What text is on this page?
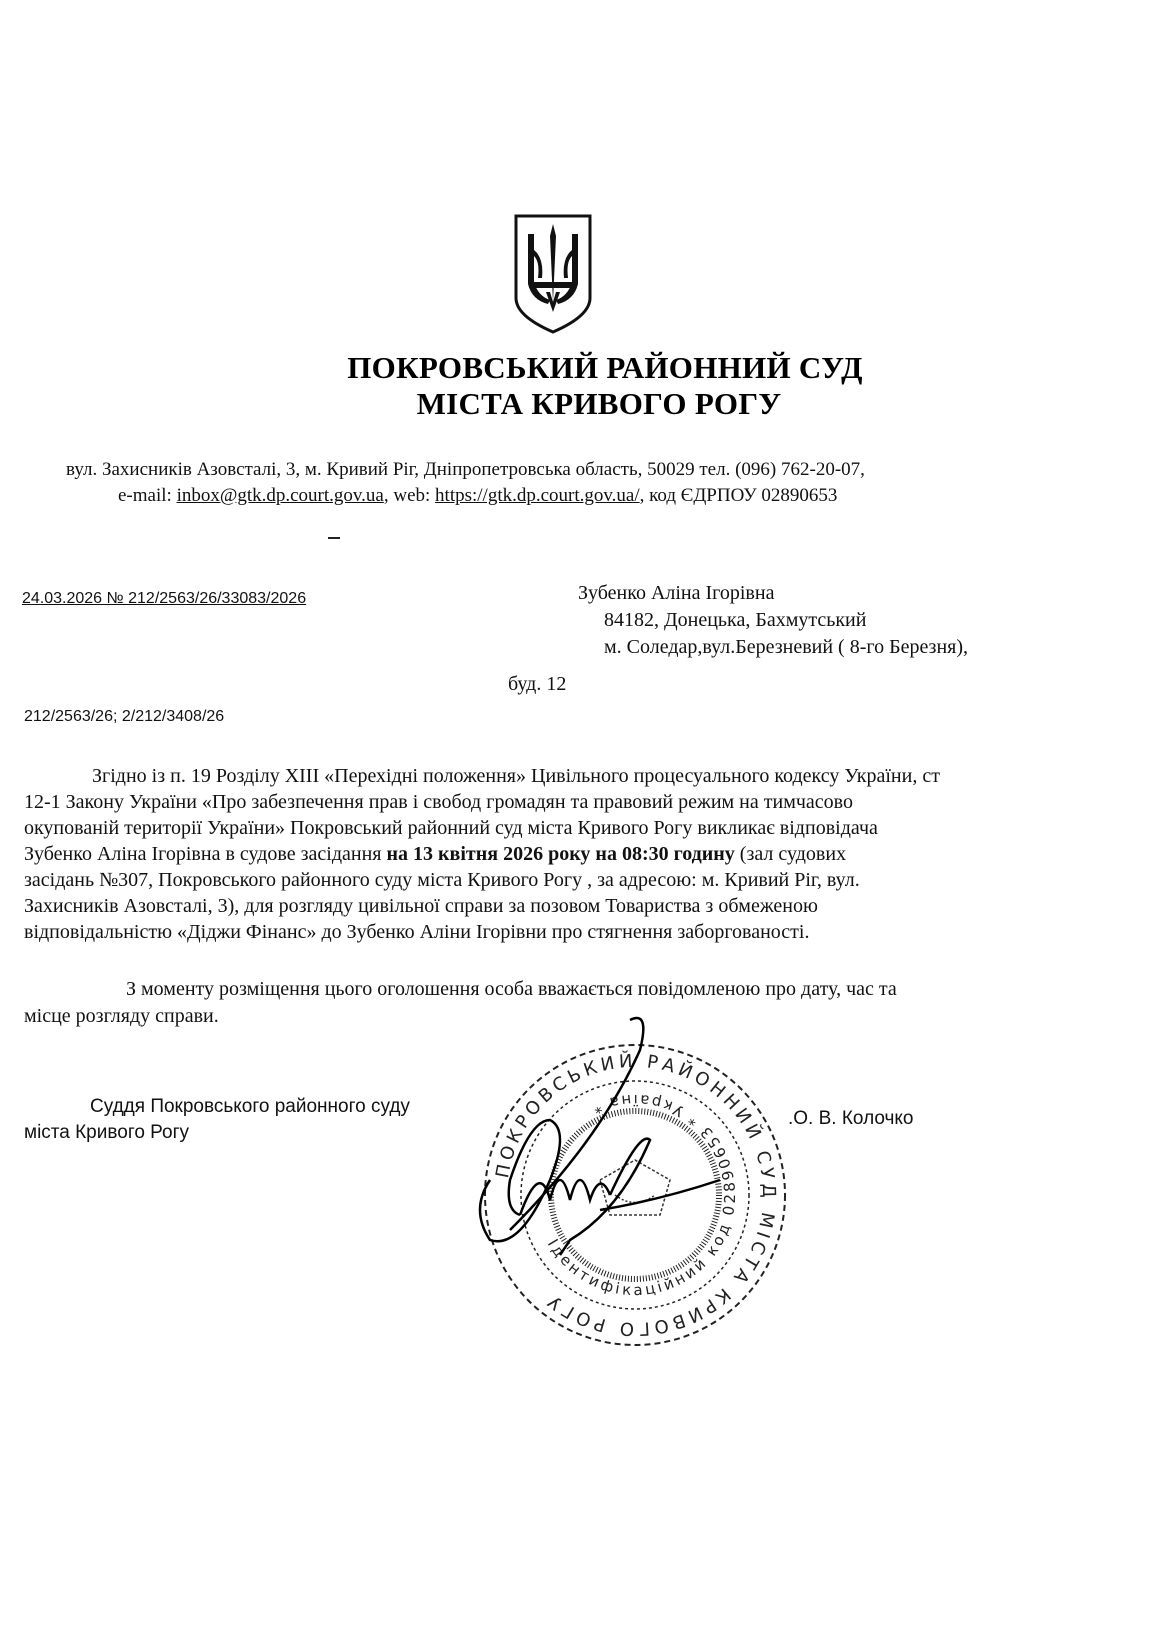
ПОКРОВСЬКИЙ РАЙОННИЙ СУД
МІСТА КРИВОГО РОГУ
вул. Захисників Азовсталі, 3, м. Кривий Ріг, Дніпропетровська область, 50029 тел. (096) 762-20-07,
e-mail: inbox@gtk.dp.court.gov.ua, web: https://gtk.dp.court.gov.ua/, код ЄДРПОУ 02890653
24.03.2026 № 212/2563/26/33083/2026	Зубенко Аліна Ігорівна
84182, Донецька, Бахмутський
м. Соледар,вул.Березневий ( 8-го Березня),
буд. 12
212/2563/26; 2/212/3408/26
Згідно із п. 19 Розділу XIII «Перехідні положення» Цивільного процесуального кодексу України, ст
12-1 Закону України «Про забезпечення прав і свобод громадян та правовий режим на тимчасово
окупованій території України» Покровський районний суд міста Кривого Рогу викликає відповідача
Зубенко Аліна Ігорівна в судове засідання на 13 квітня 2026 року на 08:30 годину (зал судових
засідань №307, Покровського районного суду міста Кривого Рогу , за адресою: м. Кривий Ріг, вул.
Захисників Азовсталі, 3), для розгляду цивільної справи за позовом Товариства з обмеженою
відповідальністю «Діджи Фінанс» до Зубенко Аліни Ігорівни про стягнення заборгованості.
З моменту розміщення цього оголошення особа вважається повідомленою про дату, час та
місце розгляду справи.
Суддя Покровського районного суду
міста Кривого Рогу
.О. В. Колочко
ПОКРОВСЬКИЙ РАЙОННИЙ СУД МІСТА КРИВОГО РОГУ
Ідентифікаційний код 02890653 * Україна *
